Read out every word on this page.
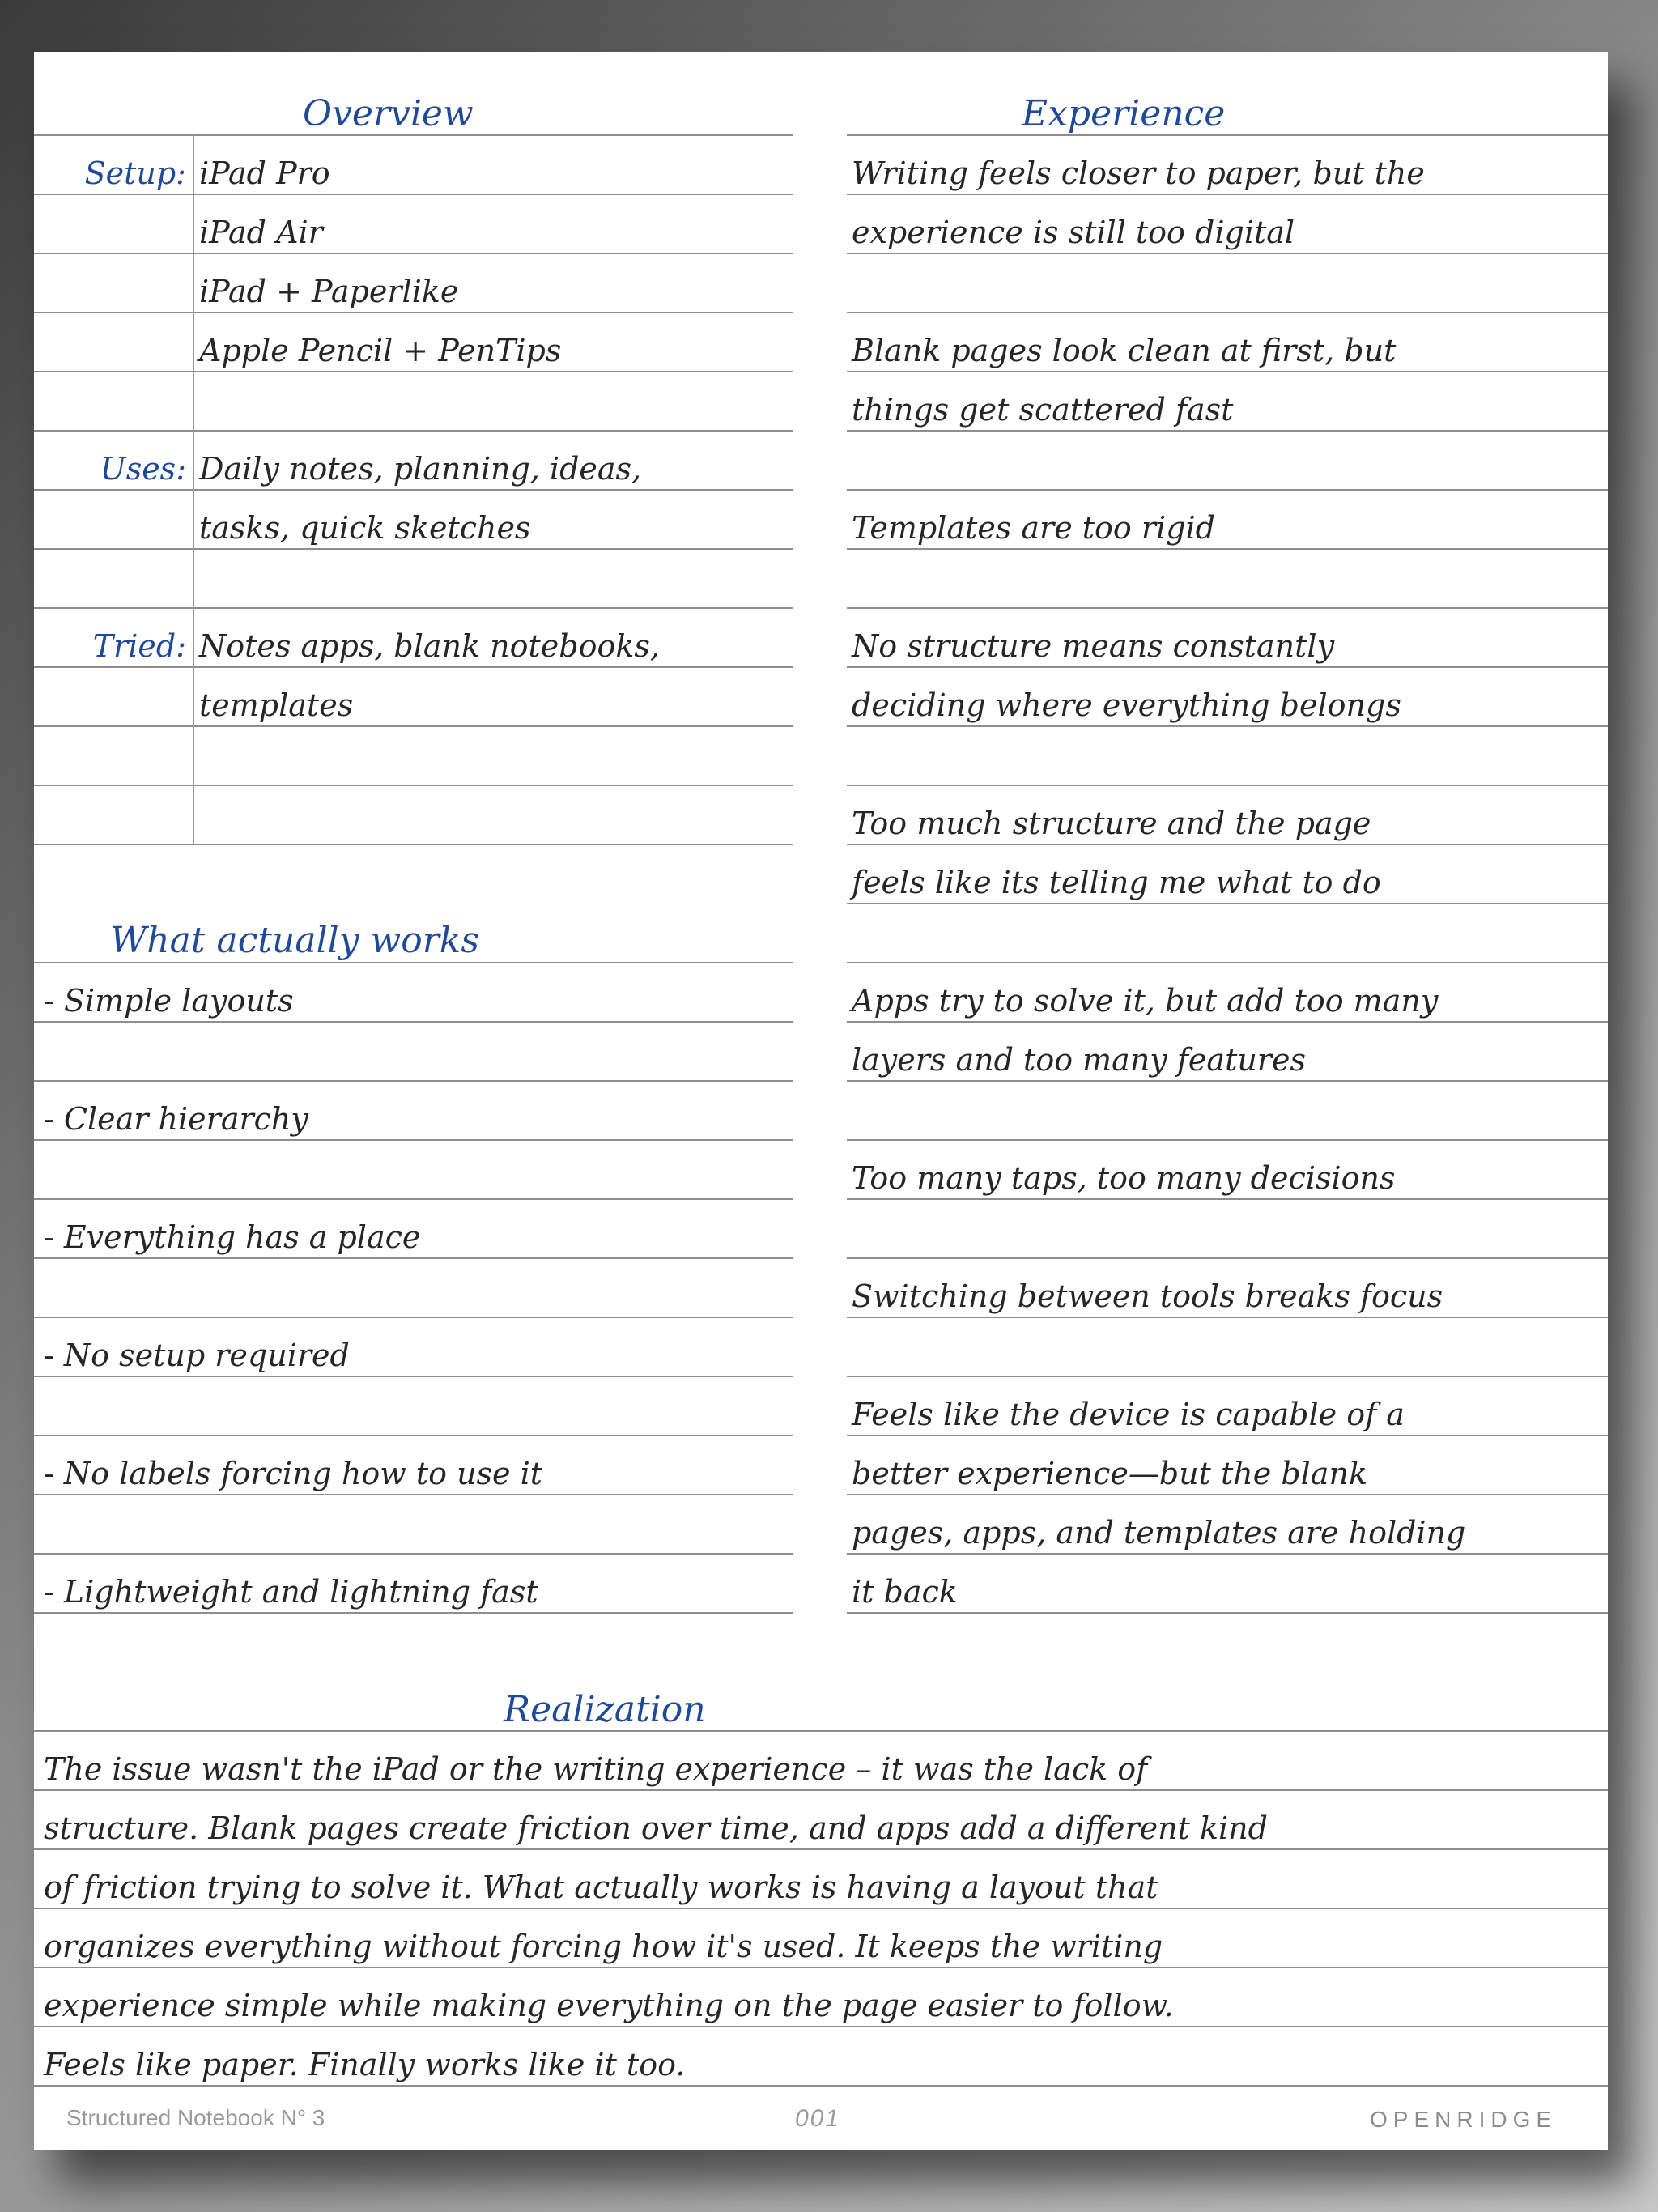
Overview
Setup: iPad Pro
iPad Air
iPad + Paperlike
Apple Pencil + PenTips
Uses: Daily notes, planning, ideas,
tasks, quick sketches
Tried: Notes apps, blank notebooks,
templates
What actually works
- Simple layouts
- Clear hierarchy
- Everything has a place
- No setup required
- No labels forcing how to use it
- Lightweight and lightning fast
Experience
Writing feels closer to paper, but the
experience is still too digital
Blank pages look clean at first, but
things get scattered fast
Templates are too rigid
No structure means constantly
deciding where everything belongs
Too much structure and the page
feels like its telling me what to do
Apps try to solve it, but add too many
layers and too many features
Too many taps, too many decisions
Switching between tools breaks focus
Feels like the device is capable of a
better experience—but the blank
pages, apps, and templates are holding
it back
Realization
The issue wasn't the iPad or the writing experience – it was the lack of
structure. Blank pages create friction over time, and apps add a different kind
of friction trying to solve it. What actually works is having a layout that
organizes everything without forcing how it's used. It keeps the writing
experience simple while making everything on the page easier to follow.
Feels like paper. Finally works like it too.
Structured Notebook N° 3	001	OPENRIDGE
